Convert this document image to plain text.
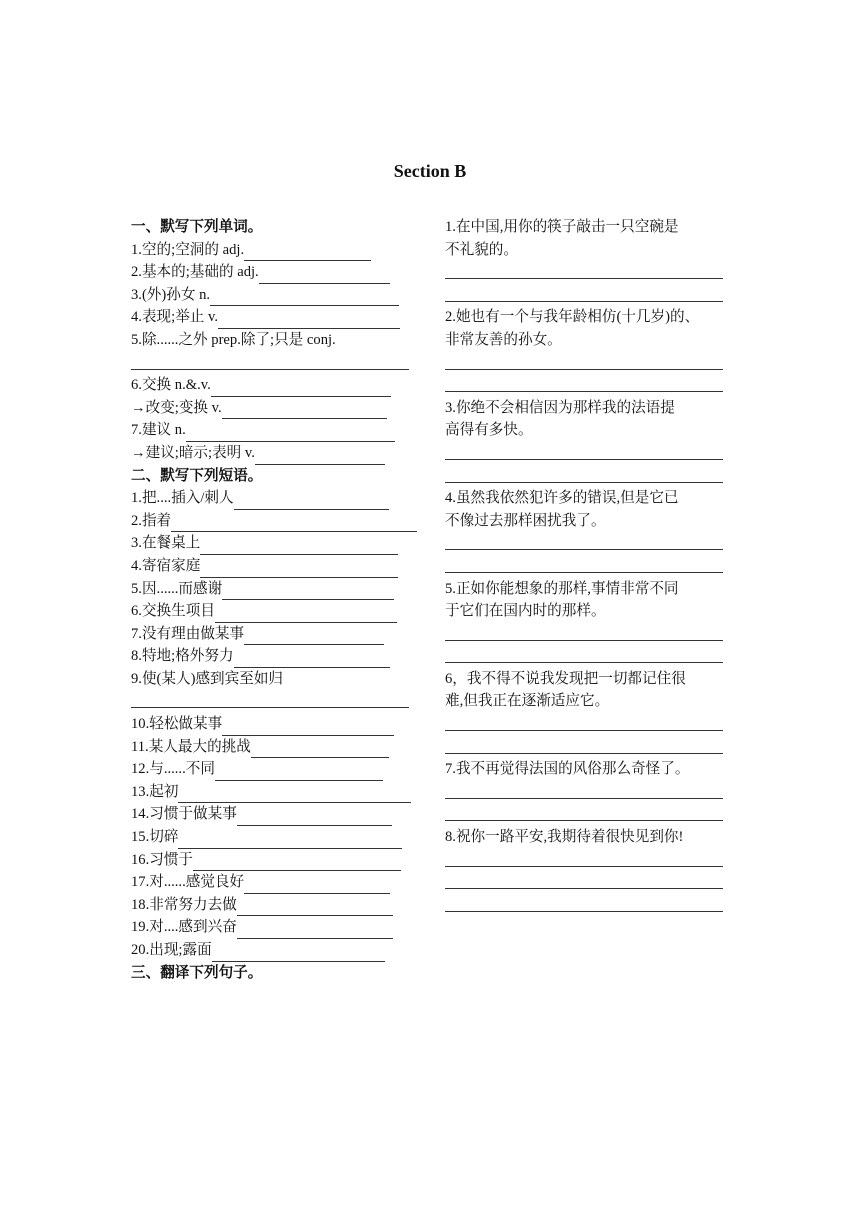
Section B
一、默写下列单词。
1.空的;空洞的 adj.
2.基本的;基础的 adj.
3.(外)孙女 n.
4.表现;举止 v.
5.除......之外 prep.除了;只是 conj.
6.交换 n.&.v.
→改变;变换 v.
7.建议 n.
→建议;暗示;表明 v.
二、默写下列短语。
1.把....插入/刺人
2.指着
3.在餐桌上
4.寄宿家庭
5.因......而感谢
6.交换生项目
7.没有理由做某事
8.特地;格外努力
9.使(某人)感到宾至如归
10.轻松做某事
11.某人最大的挑战
12.与......不同
13.起初
14.习惯于做某事
15.切碎
16.习惯于
17.对......感觉良好
18.非常努力去做
19.对....感到兴奋
20.出现;露面
三、翻译下列句子。
1.在中国,用你的筷子敲击一只空碗是
不礼貌的。
2.她也有一个与我年龄相仿(十几岁)的、
非常友善的孙女。
3.你绝不会相信因为那样我的法语提
高得有多快。
4.虽然我依然犯许多的错误,但是它已
不像过去那样困扰我了。
5.正如你能想象的那样,事情非常不同
于它们在国内时的那样。
6，我不得不说我发现把一切都记住很
难,但我正在逐渐适应它。
7.我不再觉得法国的风俗那么奇怪了。
8.祝你一路平安,我期待着很快见到你!
